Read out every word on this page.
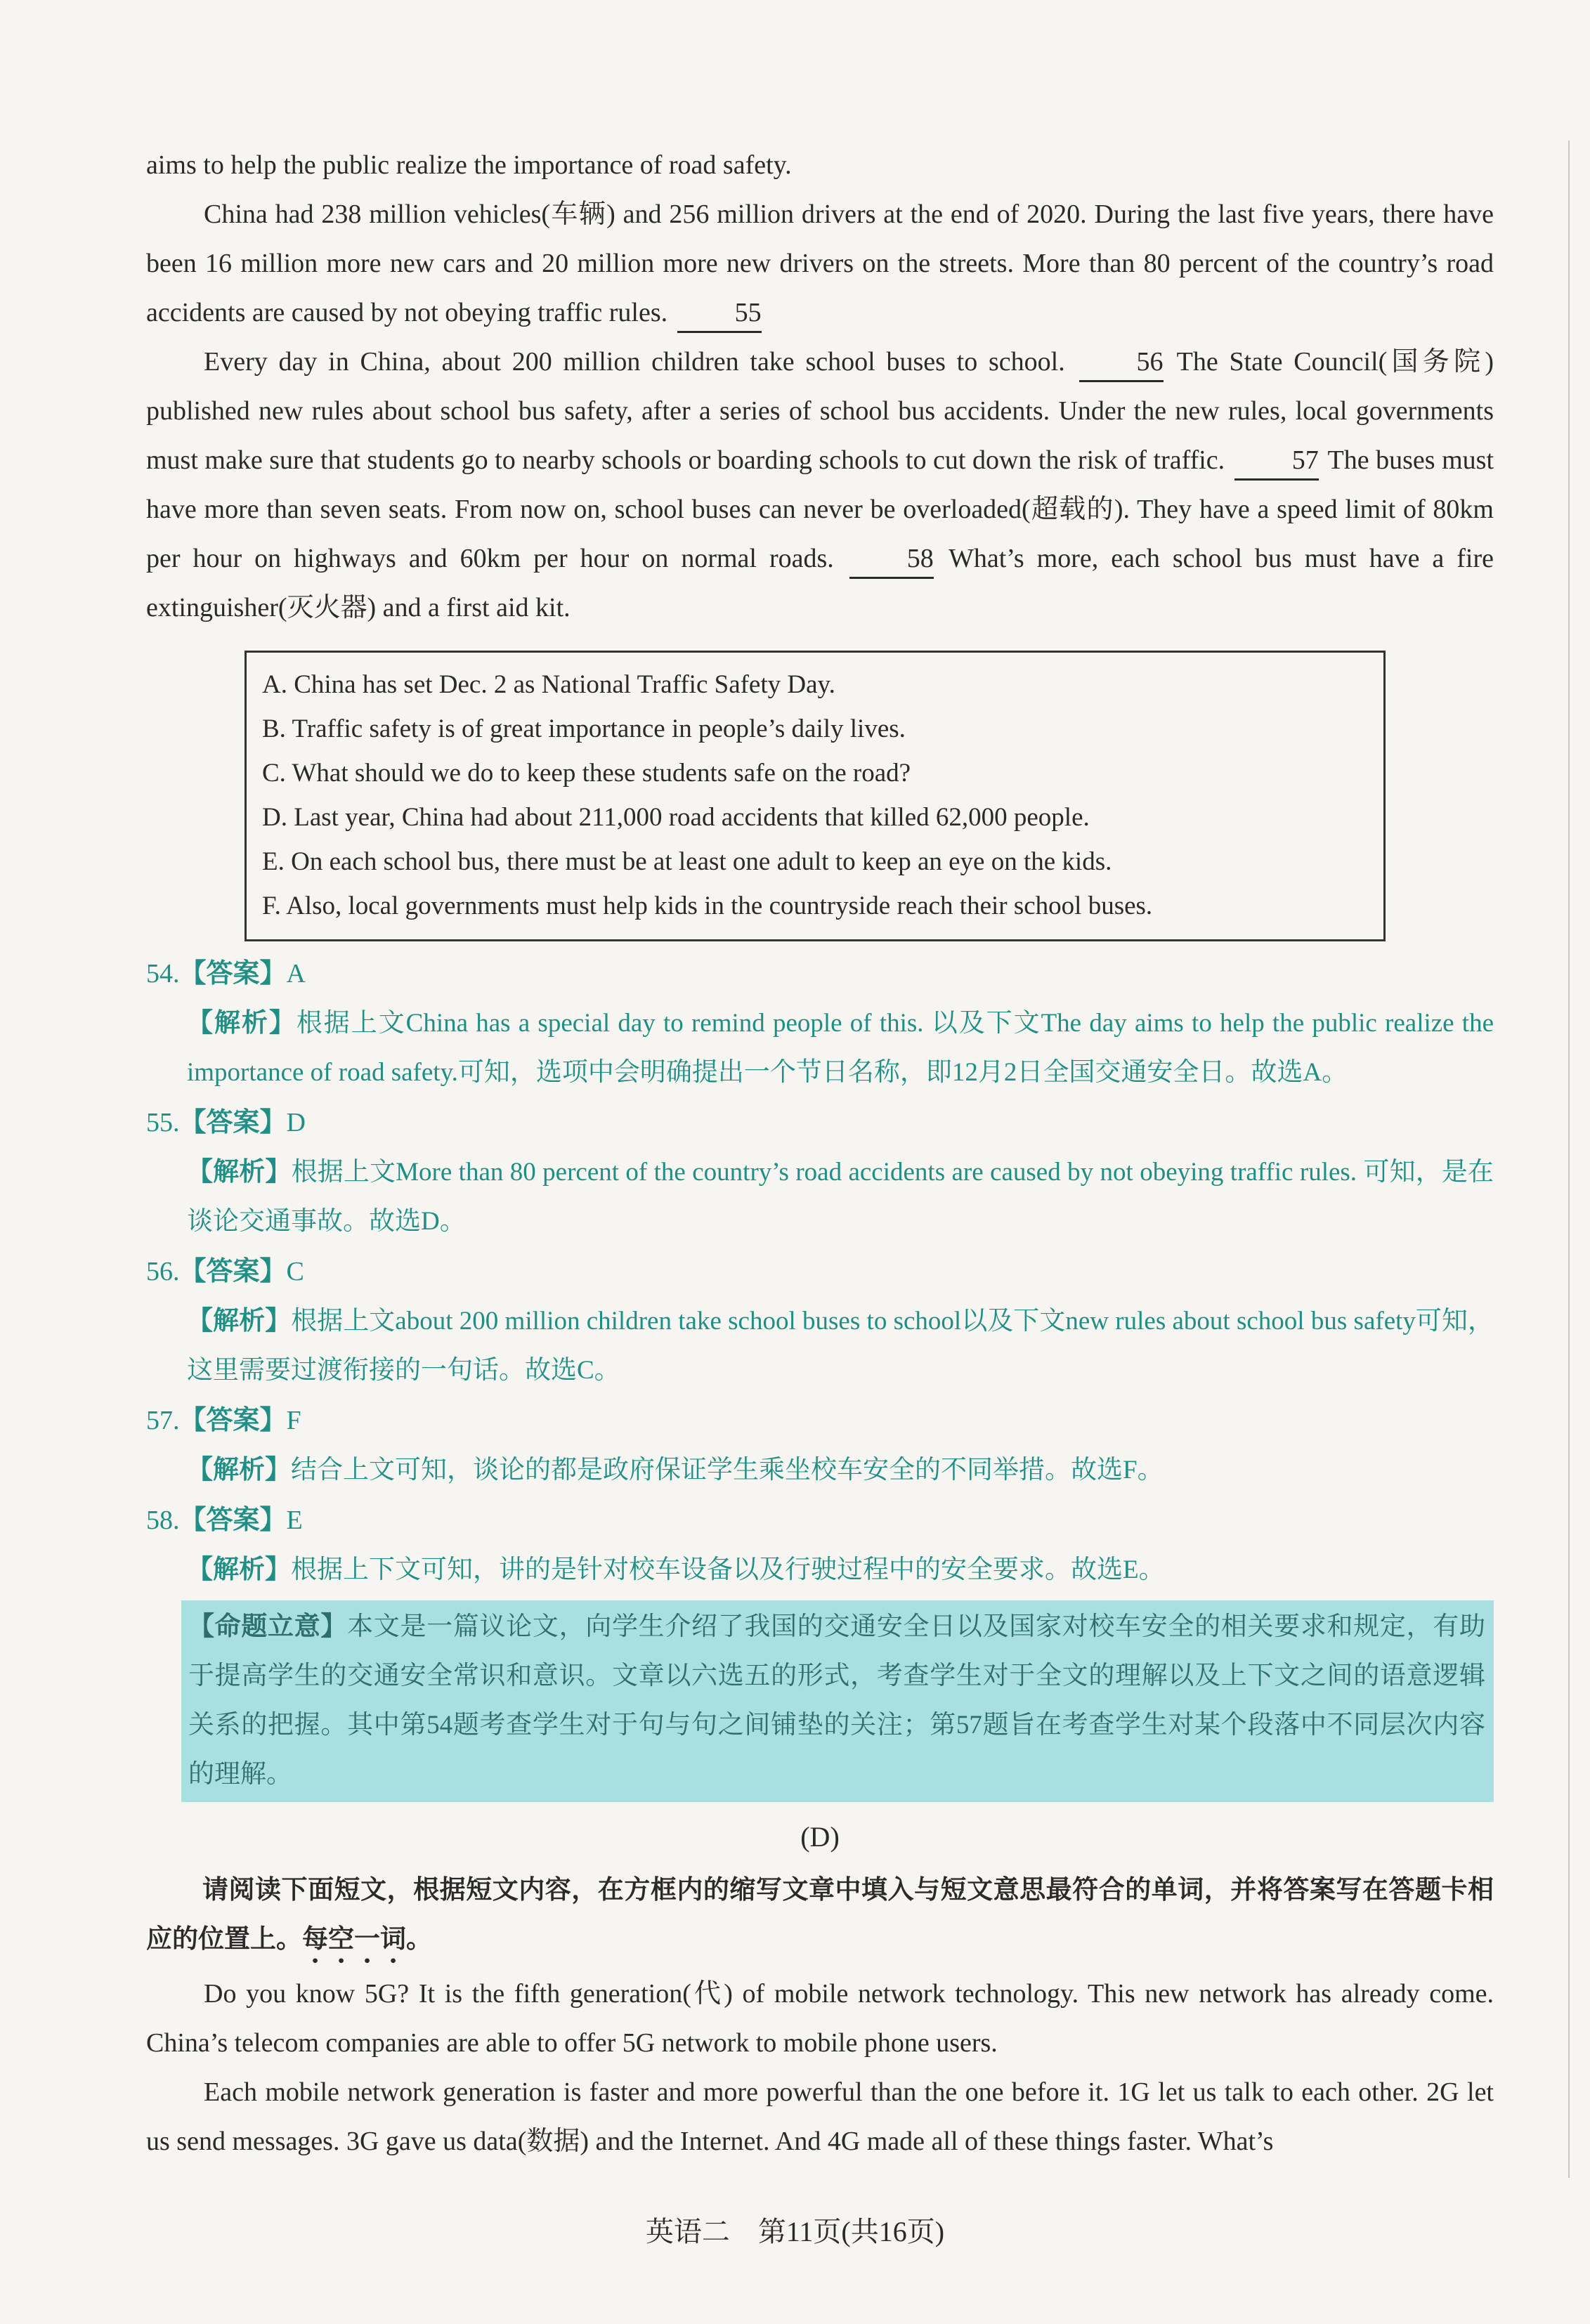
aims to help the public realize the importance of road safety.

China had 238 million vehicles(车辆) and 256 million drivers at the end of 2020. During the last five years, there have been 16 million more new cars and 20 million more new drivers on the streets. More than 80 percent of the country’s road accidents are caused by not obeying traffic rules.	55

Every day in China, about 200 million children take school buses to school.	56 The State Council(国务院) published new rules about school bus safety, after a series of school bus accidents. Under the new rules, local governments must make sure that students go to nearby schools or boarding schools to cut down the risk of traffic.	57 The buses must have more than seven seats. From now on, school buses can never be overloaded(超载的). They have a speed limit of 80km per hour on highways and 60km per hour on normal roads.	58 What’s more, each school bus must have a fire extinguisher(灭火器) and a first aid kit.

A. China has set Dec. 2 as National Traffic Safety Day.

B. Traffic safety is of great importance in people’s daily lives.

C. What should we do to keep these students safe on the road?

D. Last year, China had about 211,000 road accidents that killed 62,000 people.

E. On each school bus, there must be at least one adult to keep an eye on the kids.

F. Also, local governments must help kids in the countryside reach their school buses.

54.【答案】A

【解析】根据上文China has a special day to remind people of this. 以及下文The day aims to help the public realize the importance of road safety.可知，选项中会明确提出一个节日名称，即12月2日全国交通安全日。故选A。

55.【答案】D

【解析】根据上文More than 80 percent of the country’s road accidents are caused by not obeying traffic rules. 可知，是在谈论交通事故。故选D。

56.【答案】C

【解析】根据上文about 200 million children take school buses to school以及下文new rules about school bus safety可知，这里需要过渡衔接的一句话。故选C。

57.【答案】F

【解析】结合上文可知，谈论的都是政府保证学生乘坐校车安全的不同举措。故选F。

58.【答案】E

【解析】根据上下文可知，讲的是针对校车设备以及行驶过程中的安全要求。故选E。

【命题立意】本文是一篇议论文，向学生介绍了我国的交通安全日以及国家对校车安全的相关要求和规定，有助于提高学生的交通安全常识和意识。文章以六选五的形式，考查学生对于全文的理解以及上下文之间的语意逻辑关系的把握。其中第54题考查学生对于句与句之间铺垫的关注；第57题旨在考查学生对某个段落中不同层次内容的理解。

(D)

请阅读下面短文，根据短文内容，在方框内的缩写文章中填入与短文意思最符合的单词，并将答案写在答题卡相应的位置上。每空一词。

Do you know 5G? It is the fifth generation(代) of mobile network technology. This new network has already come. China’s telecom companies are able to offer 5G network to mobile phone users.

Each mobile network generation is faster and more powerful than the one before it. 1G let us talk to each other. 2G let us send messages. 3G gave us data(数据) and the Internet. And 4G made all of these things faster. What’s

英语二　第11页(共16页)
